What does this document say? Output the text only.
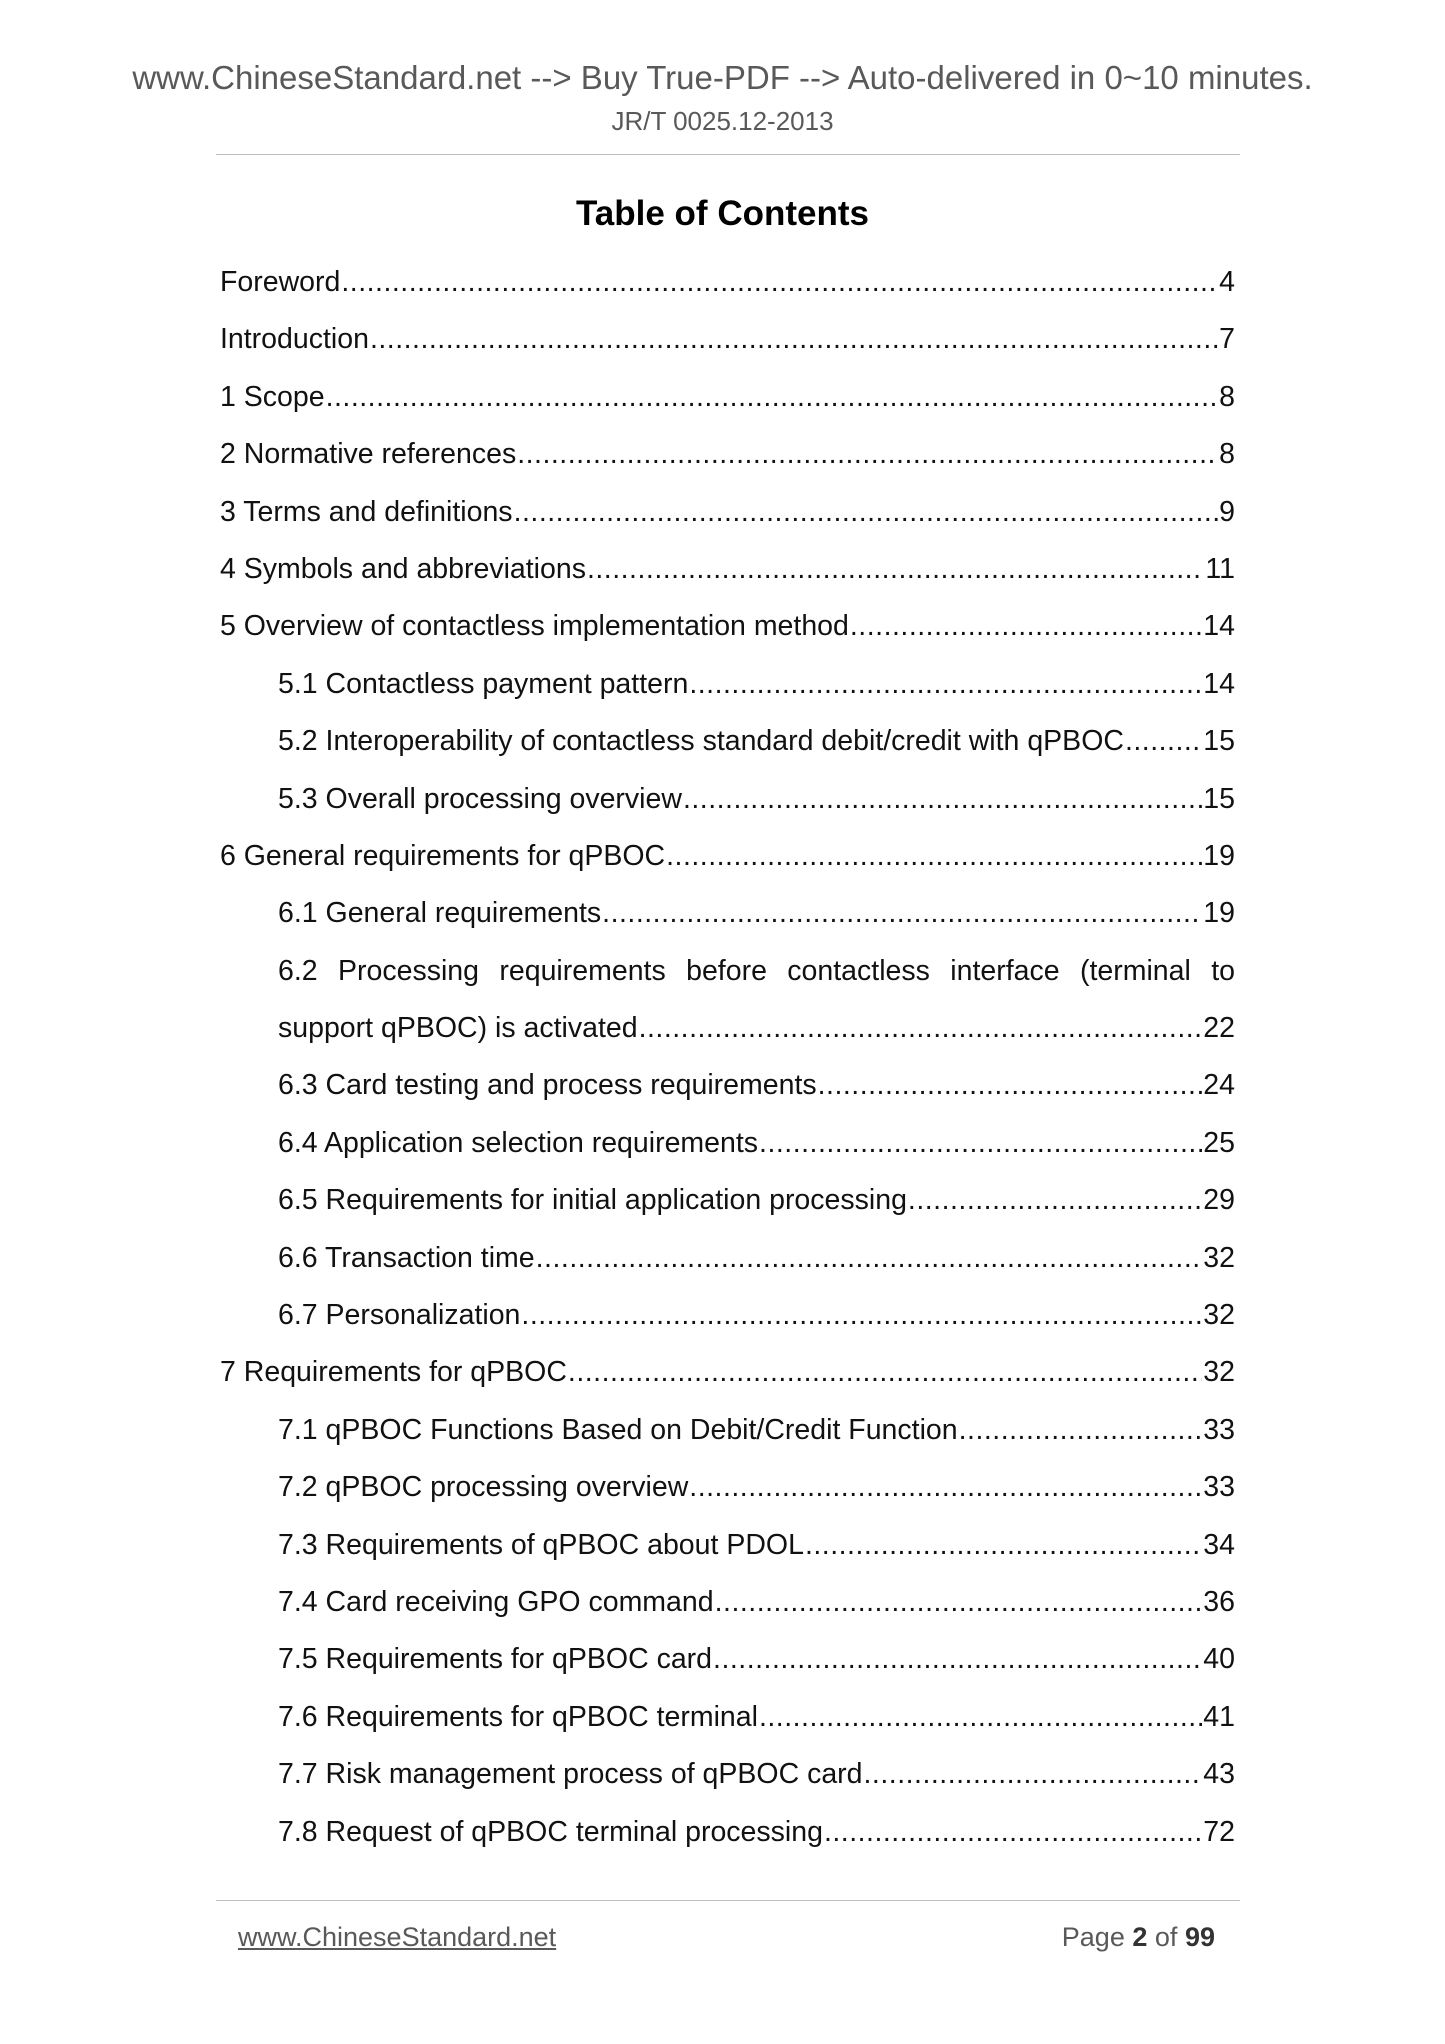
www.ChineseStandard.net --> Buy True-PDF --> Auto-delivered in 0~10 minutes.
JR/T 0025.12-2013
Table of Contents
Foreword .....	4
Introduction .....	7
1 Scope .....	8
2 Normative references .....	8
3 Terms and definitions .....	9
4 Symbols and abbreviations .....	11
5 Overview of contactless implementation method .....	14
5.1 Contactless payment pattern .....	14
5.2 Interoperability of contactless standard debit/credit with qPBOC .....	15
5.3 Overall processing overview .....	15
6 General requirements for qPBOC .....	19
6.1 General requirements .....	19
6.2 Processing requirements before contactless interface (terminal to
support qPBOC) is activated .....	22
6.3 Card testing and process requirements .....	24
6.4 Application selection requirements .....	25
6.5 Requirements for initial application processing .....	29
6.6 Transaction time .....	32
6.7 Personalization .....	32
7 Requirements for qPBOC .....	32
7.1 qPBOC Functions Based on Debit/Credit Function .....	33
7.2 qPBOC processing overview .....	33
7.3 Requirements of qPBOC about PDOL .....	34
7.4 Card receiving GPO command .....	36
7.5 Requirements for qPBOC card .....	40
7.6 Requirements for qPBOC terminal .....	41
7.7 Risk management process of qPBOC card .....	43
7.8 Request of qPBOC terminal processing .....	72
www.ChineseStandard.net	Page 2 of 99
